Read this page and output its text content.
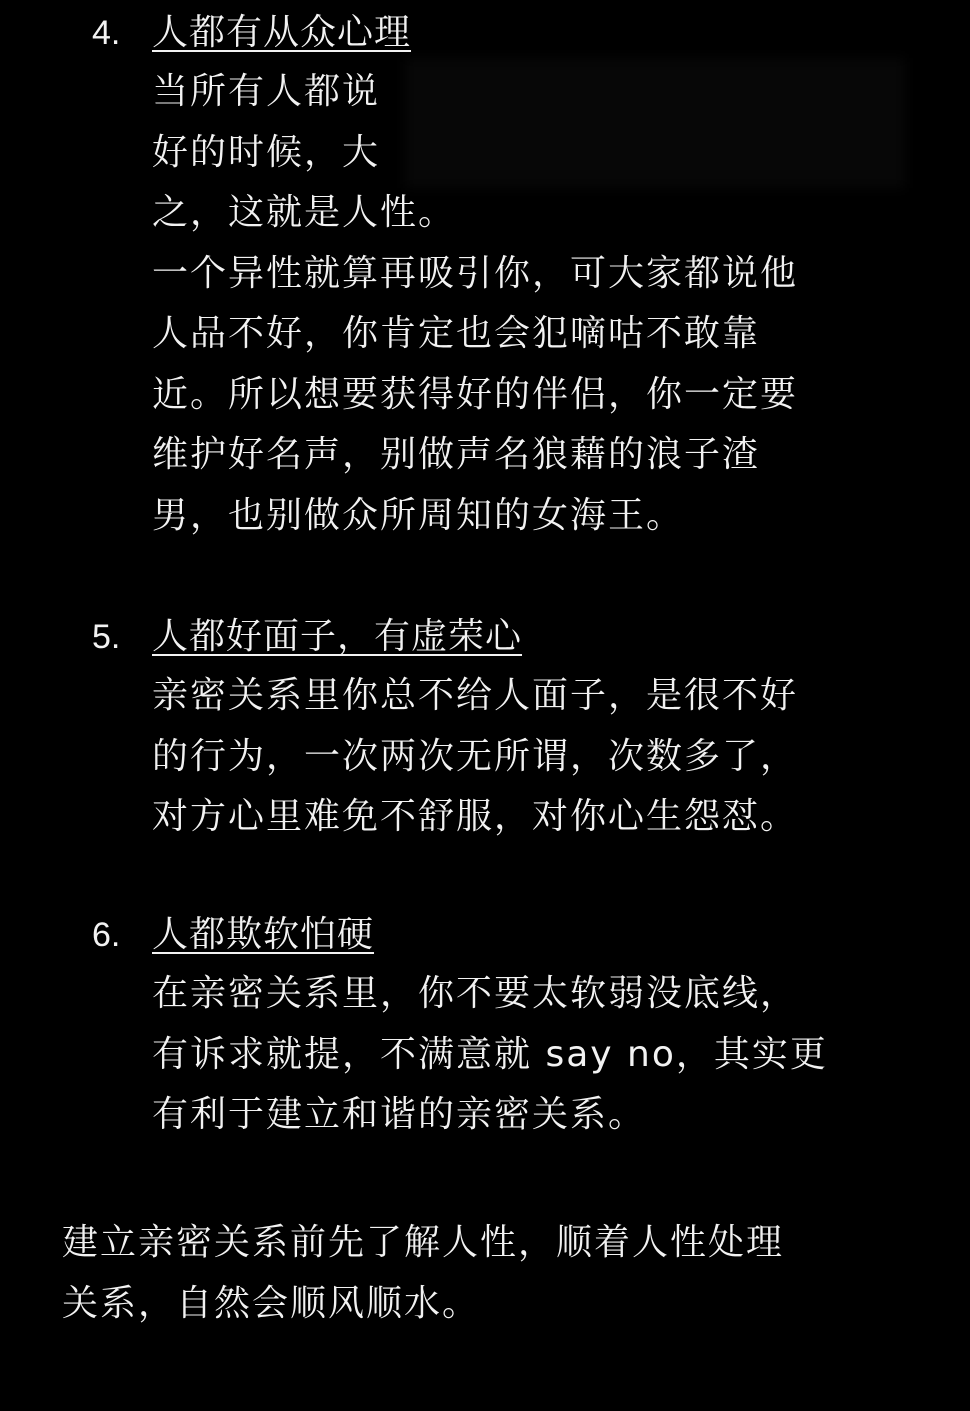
4. 人都有从众心理
当所有人都说
好的时候，大
之，这就是人性。
一个异性就算再吸引你，可大家都说他
人品不好，你肯定也会犯嘀咕不敢靠
近。所以想要获得好的伴侣，你一定要
维护好名声，别做声名狼藉的浪子渣
男，也别做众所周知的女海王。
5. 人都好面子，有虚荣心
亲密关系里你总不给人面子，是很不好
的行为，一次两次无所谓，次数多了，
对方心里难免不舒服，对你心生怨怼。
6. 人都欺软怕硬
在亲密关系里，你不要太软弱没底线，
有诉求就提，不满意就 say no，其实更
有利于建立和谐的亲密关系。
建立亲密关系前先了解人性，顺着人性处理
关系，自然会顺风顺水。
